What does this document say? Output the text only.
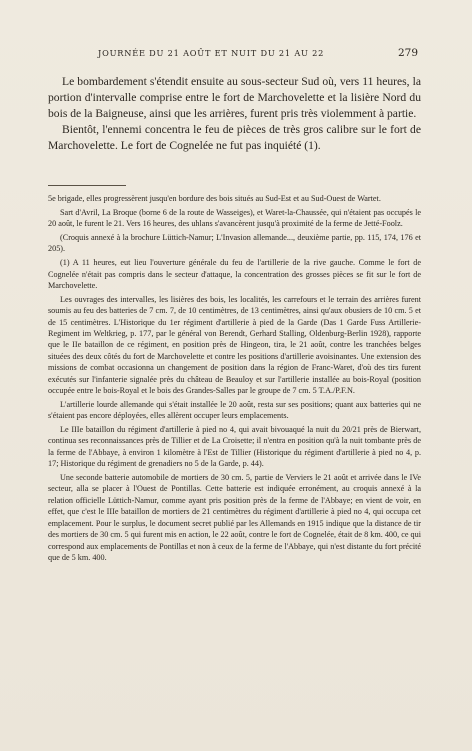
JOURNÉE DU 21 AOÛT ET NUIT DU 21 AU 22	279

Le bombardement s'étendit ensuite au sous-secteur Sud où, vers 11 heures, la portion d'intervalle comprise entre le fort de Marchovelette et la lisière Nord du bois de la Baigneuse, ainsi que les arrières, furent pris très violemment à partie.

Bientôt, l'ennemi concentra le feu de pièces de très gros calibre sur le fort de Marchovelette. Le fort de Cognelée ne fut pas inquiété (1).

5e brigade, elles progressèrent jusqu'en bordure des bois situés au Sud-Est et au Sud-Ouest de Wartet.

Sart d'Avril, La Broque (borne 6 de la route de Wasseiges), et Waret-la-Chaussée, qui n'étaient pas occupés le 20 août, le furent le 21. Vers 16 heures, des uhlans s'avancèrent jusqu'à proximité de la ferme de Jetté-Foolz.

(Croquis annexé à la brochure Lüttich-Namur; L'Invasion allemande..., deuxième partie, pp. 115, 174, 176 et 205).

(1) A 11 heures, eut lieu l'ouverture générale du feu de l'artillerie de la rive gauche. Comme le fort de Cognelée n'était pas compris dans le secteur d'attaque, la concentration des grosses pièces se fit sur le fort de Marchovelette.

Les ouvrages des intervalles, les lisières des bois, les localités, les carrefours et le terrain des arrières furent soumis au feu des batteries de 7 cm. 7, de 10 centimètres, de 13 centimètres, ainsi qu'aux obusiers de 10 cm. 5 et de 15 centimètres. L'Historique du 1er régiment d'artillerie à pied de la Garde (Das 1 Garde Fuss Artillerie-Regiment im Weltkrieg, p. 177, par le général von Berendt, Gerhard Stalling, Oldenburg-Berlin 1928), rapporte que le IIe bataillon de ce régiment, en position près de Hingeon, tira, le 21 août, contre les tranchées belges situées des deux côtés du fort de Marchovelette et contre les positions d'artillerie avoisinantes. Une extension des missions de combat occasionna un changement de position dans la région de Franc-Waret, d'où des tirs furent exécutés sur l'infanterie signalée près du château de Beauloy et sur l'artillerie installée au bois-Royal (position occupée entre le bois-Royal et le bois des Grandes-Salles par le groupe de 7 cm. 5 T.A./P.F.N.

L'artillerie lourde allemande qui s'était installée le 20 août, resta sur ses positions; quant aux batteries qui ne s'étaient pas encore déployées, elles allèrent occuper leurs emplacements.

Le IIIe bataillon du régiment d'artillerie à pied no 4, qui avait bivouaqué la nuit du 20/21 près de Bierwart, continua ses reconnaissances près de Tillier et de La Croisette; il n'entra en position qu'à la nuit tombante près de la ferme de l'Abbaye, à environ 1 kilomètre à l'Est de Tillier (Historique du régiment d'artillerie à pied no 4, p. 17; Historique du régiment de grenadiers no 5 de la Garde, p. 44).

Une seconde batterie automobile de mortiers de 30 cm. 5, partie de Verviers le 21 août et arrivée dans le IVe secteur, alla se placer à l'Ouest de Pontillas. Cette batterie est indiquée erronément, au croquis annexé à la relation officielle Lüttich-Namur, comme ayant pris position près de la ferme de l'Abbaye; en vient de voir, en effet, que c'est le IIIe bataillon de mortiers de 21 centimètres du régiment d'artillerie à pied no 4, qui occupa cet emplacement. Pour le surplus, le document secret publié par les Allemands en 1915 indique que la distance de tir des mortiers de 30 cm. 5 qui furent mis en action, le 22 août, contre le fort de Cognelée, était de 8 km. 400, ce qui correspond aux emplacements de Pontillas et non à ceux de la ferme de l'Abbaye, qui n'est distante du fort précité que de 5 km. 400.
